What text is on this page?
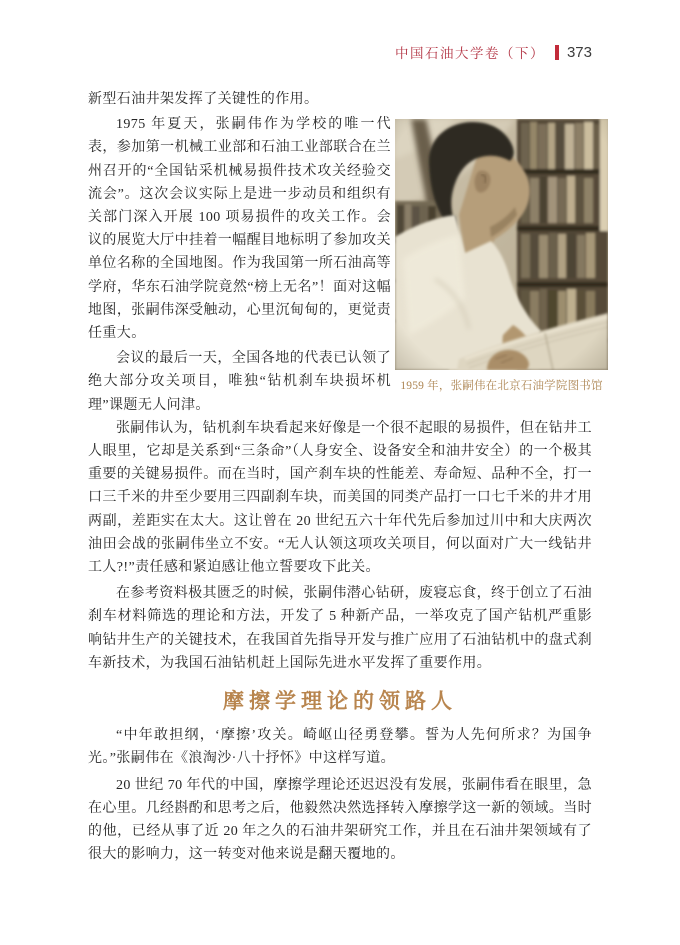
中国石油大学卷（下） 373

新型石油井架发挥了关键性的作用。

1975 年夏天，张嗣伟作为学校的唯一代表，参加第一机械工业部和石油工业部联合在兰州召开的“全国钻采机械易损件技术攻关经验交流会”。这次会议实际上是进一步动员和组织有关部门深入开展 100 项易损件的攻关工作。会议的展览大厅中挂着一幅醒目地标明了参加攻关单位名称的全国地图。作为我国第一所石油高等学府，华东石油学院竟然“榜上无名”！面对这幅地图，张嗣伟深受触动，心里沉甸甸的，更觉责任重大。

会议的最后一天，全国各地的代表已认领了绝大部分攻关项目，唯独“钻机刹车块损坏机理”课题无人问津。

1959 年，张嗣伟在北京石油学院图书馆

张嗣伟认为，钻机刹车块看起来好像是一个很不起眼的易损件，但在钻井工人眼里，它却是关系到“三条命”（人身安全、设备安全和油井安全）的一个极其重要的关键易损件。而在当时，国产刹车块的性能差、寿命短、品种不全，打一口三千米的井至少要用三四副刹车块，而美国的同类产品打一口七千米的井才用两副，差距实在太大。这让曾在 20 世纪五六十年代先后参加过川中和大庆两次油田会战的张嗣伟坐立不安。“无人认领这项攻关项目，何以面对广大一线钻井工人?!”责任感和紧迫感让他立誓要攻下此关。

在参考资料极其匮乏的时候，张嗣伟潜心钻研，废寝忘食，终于创立了石油刹车材料筛选的理论和方法，开发了 5 种新产品，一举攻克了国产钻机严重影响钻井生产的关键技术，在我国首先指导开发与推广应用了石油钻机中的盘式刹车新技术，为我国石油钻机赶上国际先进水平发挥了重要作用。

摩擦学理论的领路人

“中年敢担纲，‘摩擦’攻关。崎岖山径勇登攀。誓为人先何所求？为国争光。”张嗣伟在《浪淘沙·八十抒怀》中这样写道。

20 世纪 70 年代的中国，摩擦学理论还迟迟没有发展，张嗣伟看在眼里，急在心里。几经斟酌和思考之后，他毅然决然选择转入摩擦学这一新的领域。当时的他，已经从事了近 20 年之久的石油井架研究工作，并且在石油井架领域有了很大的影响力，这一转变对他来说是翻天覆地的。
